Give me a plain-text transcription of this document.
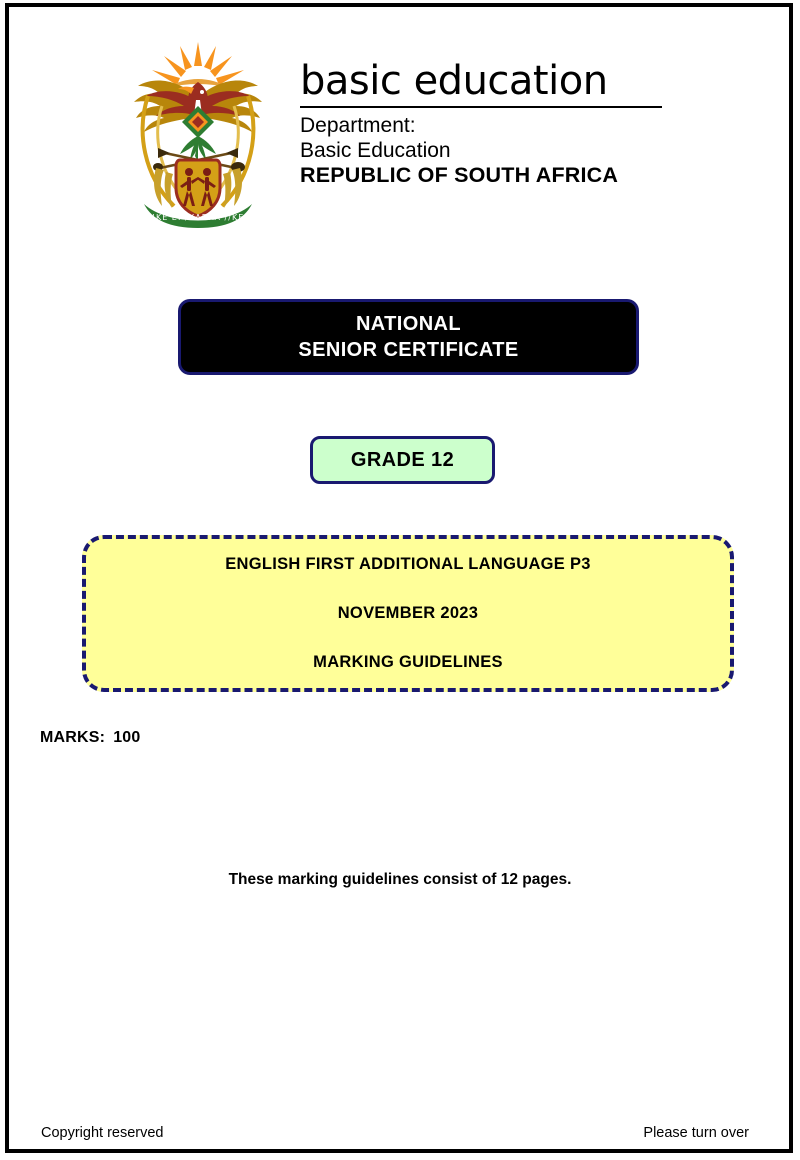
!KE E: /XARRA //KE
basic education
Department:
Basic Education
REPUBLIC OF SOUTH AFRICA
NATIONAL
SENIOR CERTIFICATE
GRADE 12
ENGLISH FIRST ADDITIONAL LANGUAGE P3
NOVEMBER 2023
MARKING GUIDELINES
MARKS: 100
These marking guidelines consist of 12 pages.
Copyright reserved	Please turn over
